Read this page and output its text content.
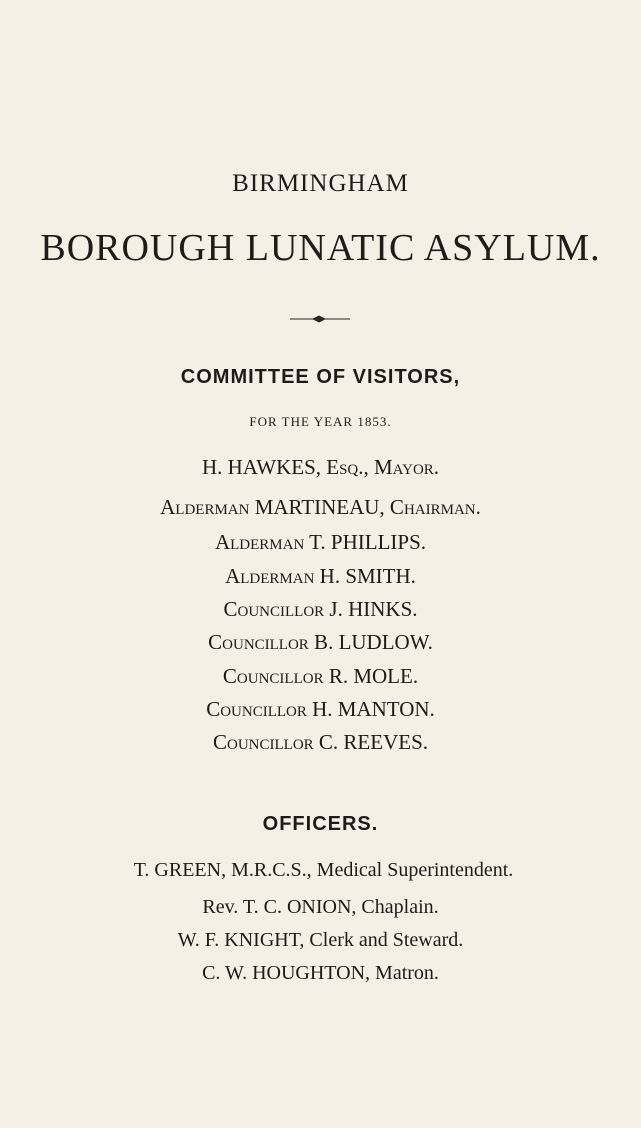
BIRMINGHAM
BOROUGH LUNATIC ASYLUM.
COMMITTEE OF VISITORS,
FOR THE YEAR 1853.
H. HAWKES, Esq., Mayor.
Alderman MARTINEAU, Chairman.
Alderman T. PHILLIPS.
Alderman H. SMITH.
Councillor J. HINKS.
Councillor B. LUDLOW.
Councillor R. MOLE.
Councillor H. MANTON.
Councillor C. REEVES.
OFFICERS.
T. GREEN, M.R.C.S., Medical Superintendent.
Rev. T. C. ONION, Chaplain.
W. F. KNIGHT, Clerk and Steward.
C. W. HOUGHTON, Matron.
